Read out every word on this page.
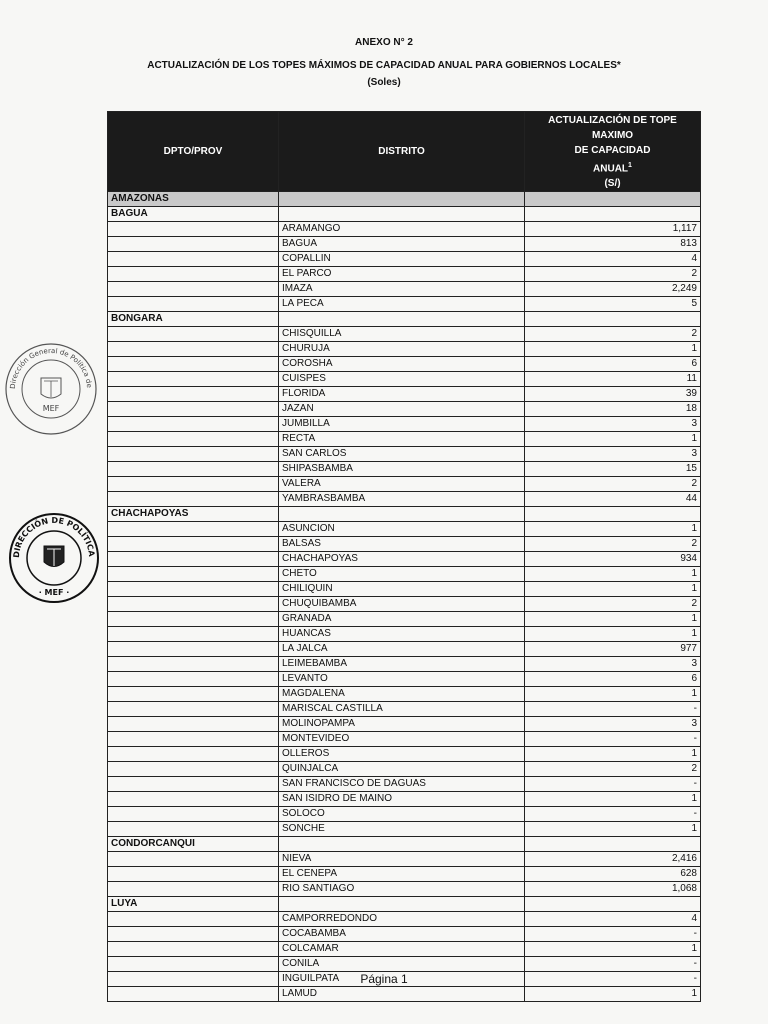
ANEXO N° 2
ACTUALIZACIÓN DE LOS TOPES MÁXIMOS DE CAPACIDAD ANUAL PARA GOBIERNOS LOCALES*
(Soles)
Dirección General de Política de
MEF
DIRECCIÓN DE POLÍTICA
· MEF ·
DPTO/PROV	DISTRITO	ACTUALIZACIÓN DE TOPE MAXIMO
DE CAPACIDAD
ANUAL$^1$
(S/)
AMAZONAS		
BAGUA		
	ARAMANGO	1,117
	BAGUA	813
	COPALLIN	4
	EL PARCO	2
	IMAZA	2,249
	LA PECA	5
BONGARA		
	CHISQUILLA	2
	CHURUJA	1
	COROSHA	6
	CUISPES	11
	FLORIDA	39
	JAZAN	18
	JUMBILLA	3
	RECTA	1
	SAN CARLOS	3
	SHIPASBAMBA	15
	VALERA	2
	YAMBRASBAMBA	44
CHACHAPOYAS		
	ASUNCION	1
	BALSAS	2
	CHACHAPOYAS	934
	CHETO	1
	CHILIQUIN	1
	CHUQUIBAMBA	2
	GRANADA	1
	HUANCAS	1
	LA JALCA	977
	LEIMEBAMBA	3
	LEVANTO	6
	MAGDALENA	1
	MARISCAL CASTILLA	-
	MOLINOPAMPA	3
	MONTEVIDEO	-
	OLLEROS	1
	QUINJALCA	2
	SAN FRANCISCO DE DAGUAS	-
	SAN ISIDRO DE MAINO	1
	SOLOCO	-
	SONCHE	1
CONDORCANQUI		
	NIEVA	2,416
	EL CENEPA	628
	RIO SANTIAGO	1,068
LUYA		
	CAMPORREDONDO	4
	COCABAMBA	-
	COLCAMAR	1
	CONILA	-
	INGUILPATA	-
	LAMUD	1
Página 1
